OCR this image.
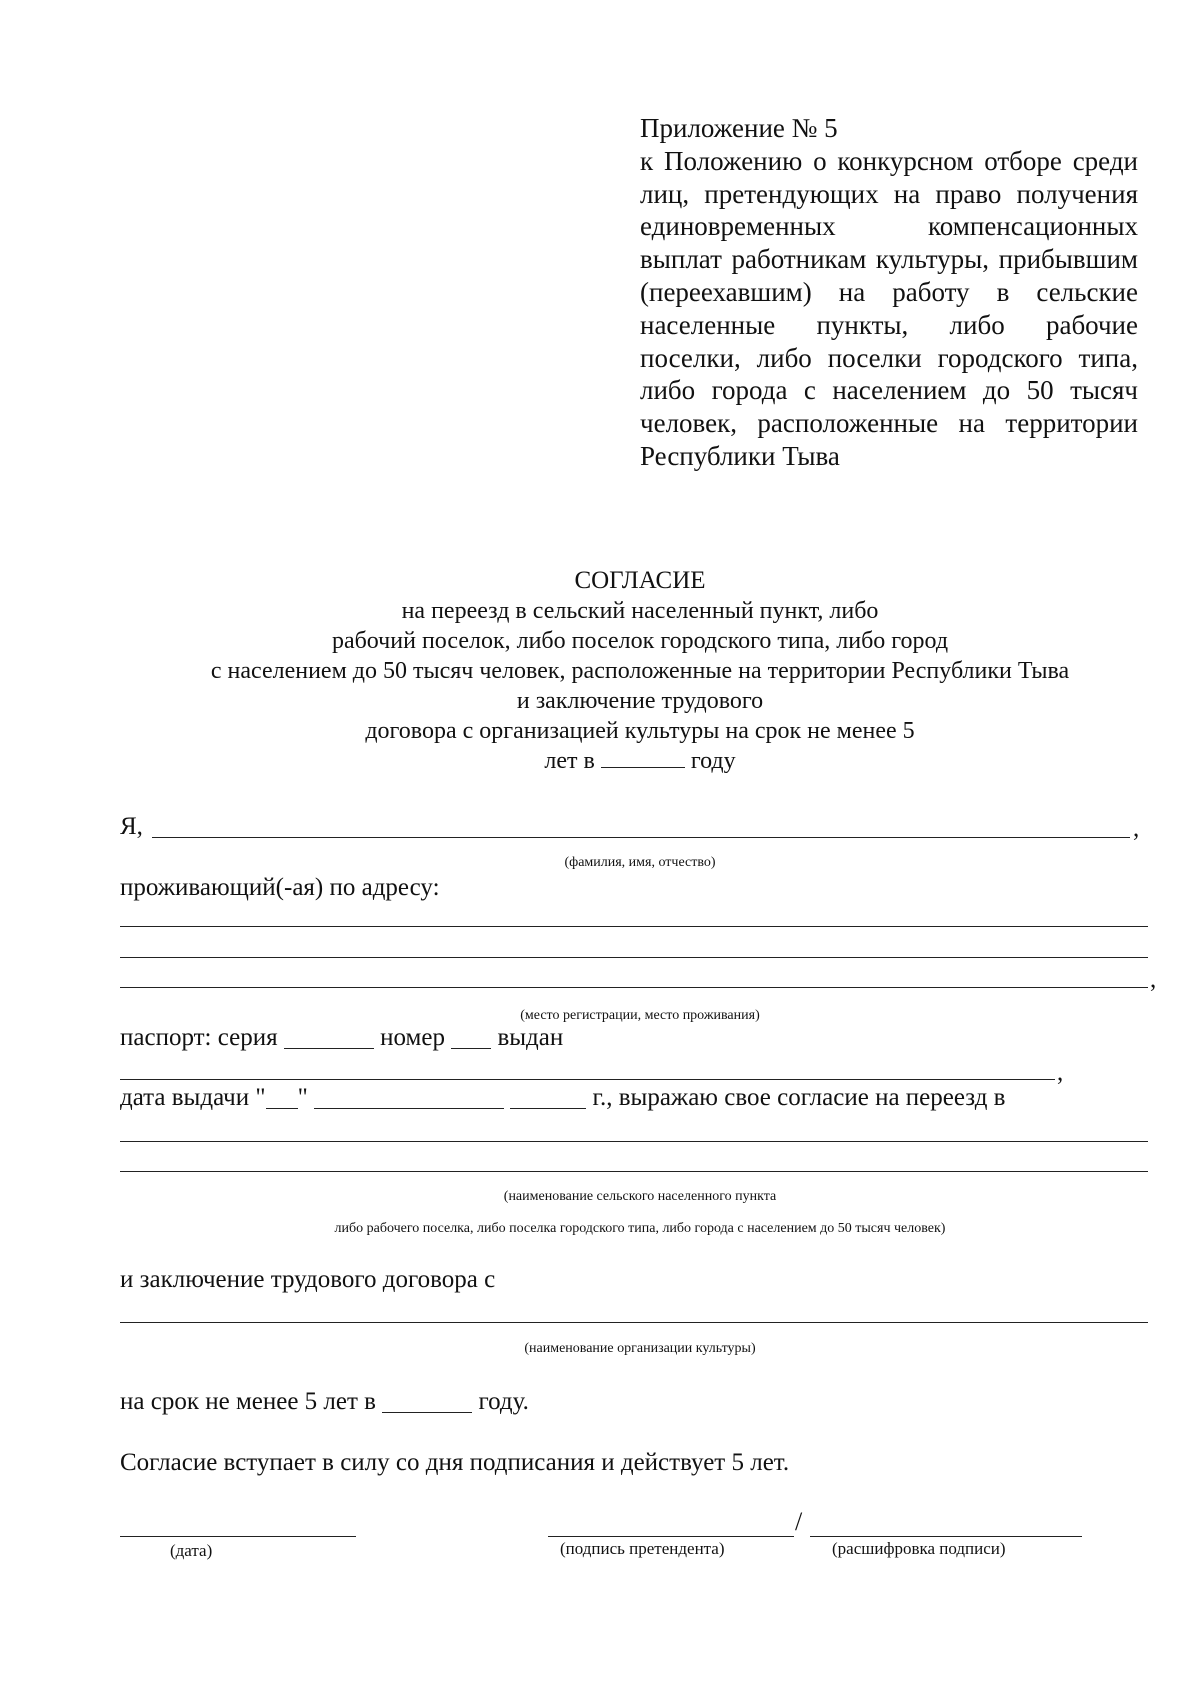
Приложение № 5
к Положению о конкурсном отборе среди лиц, претендующих на право получения единовременных компенсационных выплат работникам культуры, прибывшим (переехавшим) на работу в сельские населенные пункты, либо рабочие поселки, либо поселки городского типа, либо города с населением до 50 тысяч человек, расположенные на территории Республики Тыва
СОГЛАСИЕ
на переезд в сельский населенный пункт, либо
рабочий поселок, либо поселок городского типа, либо город
с населением до 50 тысяч человек, расположенные на территории Республики Тыва
и заключение трудового
договора с организацией культуры на срок не менее 5
лет в	году
Я,	,
(фамилия, имя, отчество)
проживающий(-ая) по адресу:
,
(место регистрации, место проживания)
паспорт: серия	номер выдан
,
дата выдачи " "	г., выражаю свое согласие на переезд в
(наименование сельского населенного пункта
либо рабочего поселка, либо поселка городского типа, либо города с населением до 50 тысяч человек)
и заключение трудового договора с
(наименование организации культуры)
на срок не менее 5 лет в	году.
Согласие вступает в силу со дня подписания и действует 5 лет.
(дата)
/
(подпись претендента)	(расшифровка подписи)
